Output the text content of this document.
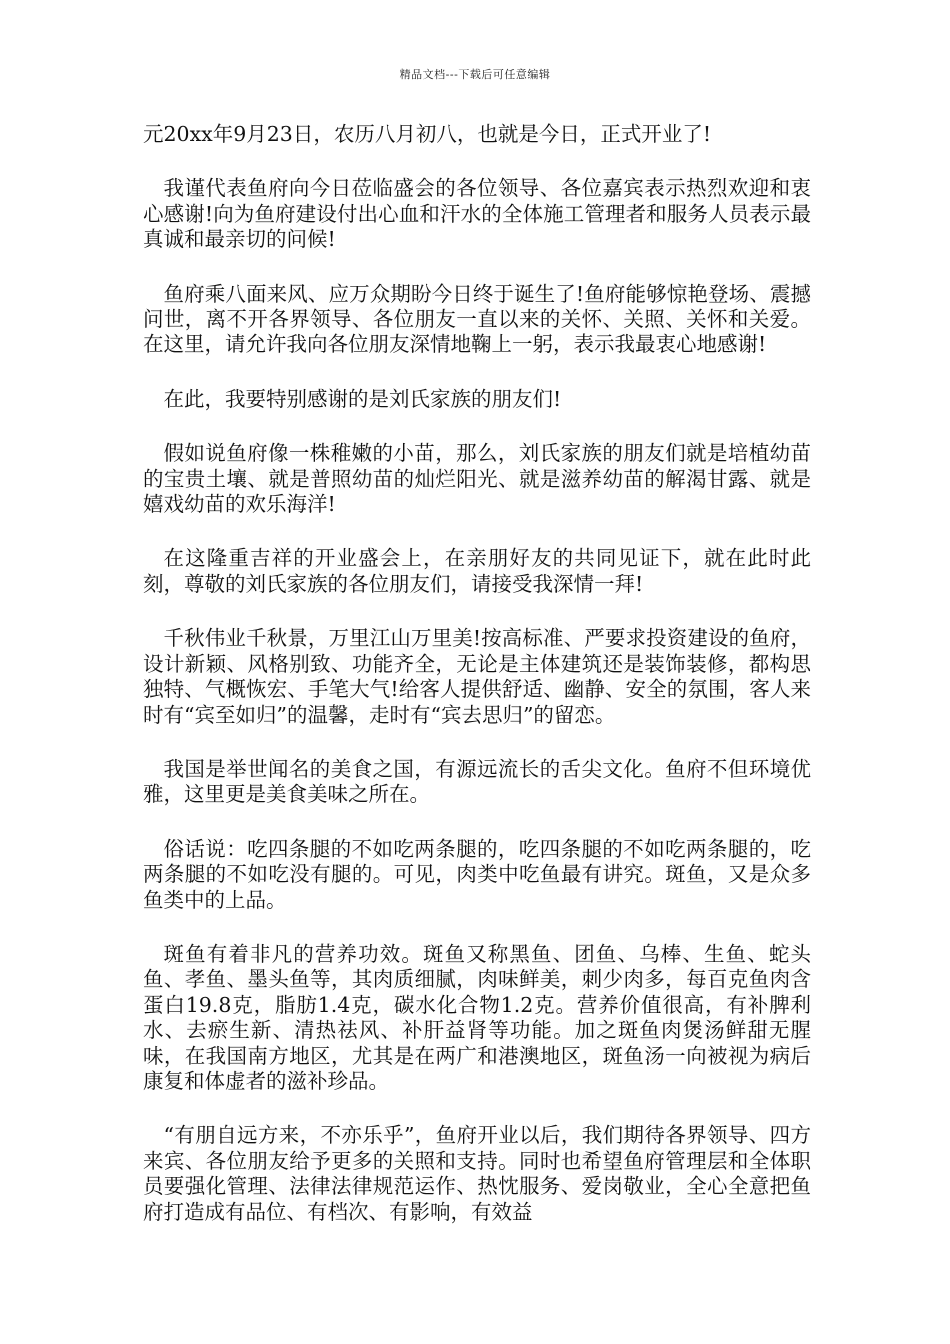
精品文档---下载后可任意编辑

元20xx年9月23日，农历八月初八，也就是今日，正式开业了!

我谨代表鱼府向今日莅临盛会的各位领导、各位嘉宾表示热烈欢迎和衷心感谢!向为鱼府建设付出心血和汗水的全体施工管理者和服务人员表示最真诚和最亲切的问候!

鱼府乘八面来风、应万众期盼今日终于诞生了!鱼府能够惊艳登场、震撼问世，离不开各界领导、各位朋友一直以来的关怀、关照、关怀和关爱。在这里，请允许我向各位朋友深情地鞠上一躬，表示我最衷心地感谢!

在此，我要特别感谢的是刘氏家族的朋友们!

假如说鱼府像一株稚嫩的小苗，那么，刘氏家族的朋友们就是培植幼苗的宝贵土壤、就是普照幼苗的灿烂阳光、就是滋养幼苗的解渴甘露、就是嬉戏幼苗的欢乐海洋!

在这隆重吉祥的开业盛会上，在亲朋好友的共同见证下，就在此时此刻，尊敬的刘氏家族的各位朋友们，请接受我深情一拜!

千秋伟业千秋景，万里江山万里美!按高标准、严要求投资建设的鱼府，设计新颖、风格别致、功能齐全，无论是主体建筑还是装饰装修，都构思独特、气概恢宏、手笔大气!给客人提供舒适、幽静、安全的氛围，客人来时有“宾至如归”的温馨，走时有“宾去思归”的留恋。

我国是举世闻名的美食之国，有源远流长的舌尖文化。鱼府不但环境优雅，这里更是美食美味之所在。

俗话说：吃四条腿的不如吃两条腿的，吃四条腿的不如吃两条腿的，吃两条腿的不如吃没有腿的。可见，肉类中吃鱼最有讲究。斑鱼，又是众多鱼类中的上品。

斑鱼有着非凡的营养功效。斑鱼又称黑鱼、团鱼、乌棒、生鱼、蛇头鱼、孝鱼、墨头鱼等，其肉质细腻，肉味鲜美，刺少肉多，每百克鱼肉含蛋白19.8克，脂肪1.4克，碳水化合物1.2克。营养价值很高，有补脾利水、去瘀生新、清热祛风、补肝益肾等功能。加之斑鱼肉煲汤鲜甜无腥味，在我国南方地区，尤其是在两广和港澳地区，斑鱼汤一向被视为病后康复和体虚者的滋补珍品。

“有朋自远方来，不亦乐乎”，鱼府开业以后，我们期待各界领导、四方来宾、各位朋友给予更多的关照和支持。同时也希望鱼府管理层和全体职员要强化管理、法律法律规范运作、热忱服务、爱岗敬业，全心全意把鱼府打造成有品位、有档次、有影响，有效益
